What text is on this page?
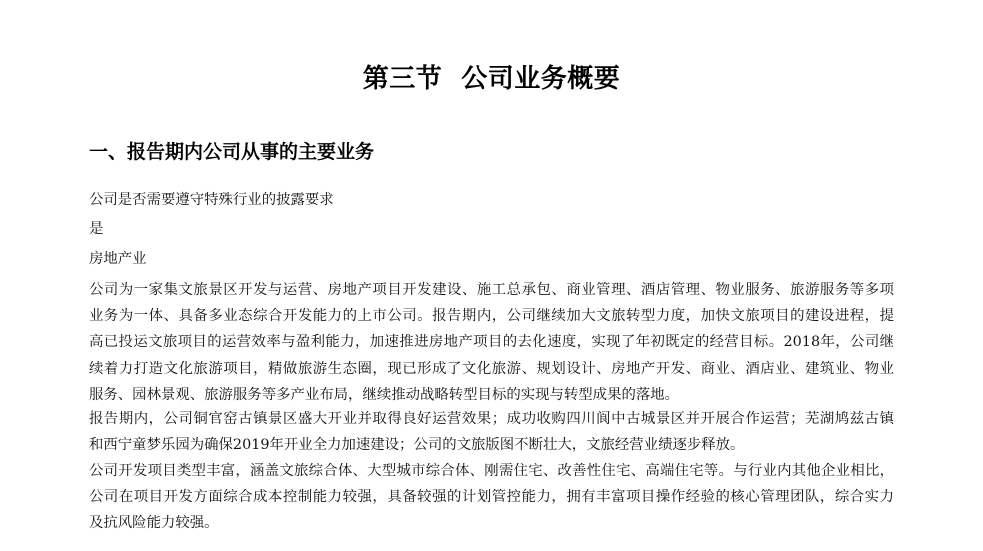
第三节  公司业务概要
一、报告期内公司从事的主要业务

公司是否需要遵守特殊行业的披露要求

是

房地产业

公司为一家集文旅景区开发与运营、房地产项目开发建设、施工总承包、商业管理、酒店管理、物业服务、旅游服务等多项
业务为一体、具备多业态综合开发能力的上市公司。报告期内，公司继续加大文旅转型力度，加快文旅项目的建设进程，提
高已投运文旅项目的运营效率与盈利能力，加速推进房地产项目的去化速度，实现了年初既定的经营目标。2018年，公司继
续着力打造文化旅游项目，精做旅游生态圈，现已形成了文化旅游、规划设计、房地产开发、商业、酒店业、建筑业、物业
服务、园林景观、旅游服务等多产业布局，继续推动战略转型目标的实现与转型成果的落地。
报告期内，公司铜官窑古镇景区盛大开业并取得良好运营效果；成功收购四川阆中古城景区并开展合作运营；芜湖鸠兹古镇
和西宁童梦乐园为确保2019年开业全力加速建设；公司的文旅版图不断壮大，文旅经营业绩逐步释放。
公司开发项目类型丰富，涵盖文旅综合体、大型城市综合体、刚需住宅、改善性住宅、高端住宅等。与行业内其他企业相比，
公司在项目开发方面综合成本控制能力较强，具备较强的计划管控能力，拥有丰富项目操作经验的核心管理团队，综合实力
及抗风险能力较强。
